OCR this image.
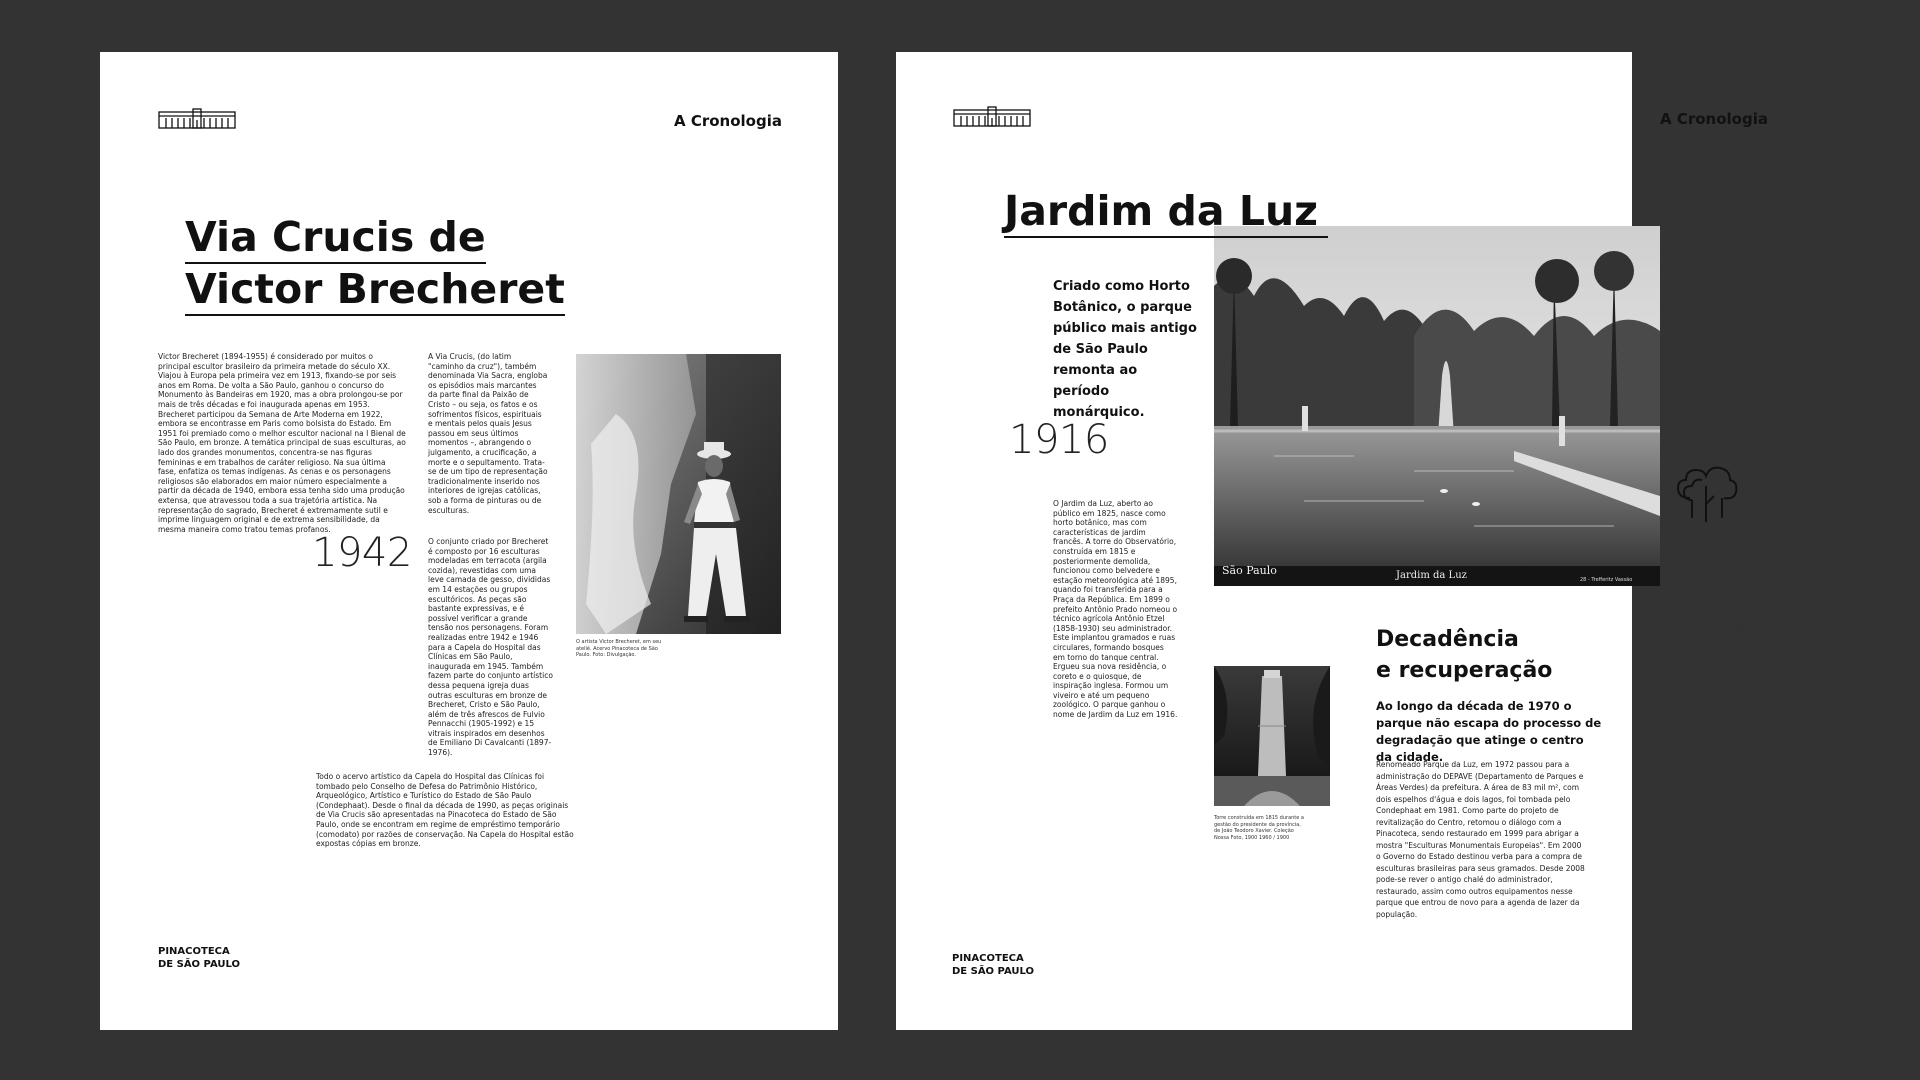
A Cronologia
Via Crucis de
Victor Brecheret

Victor Brecheret (1894-1955) é considerado por muitos o principal escultor brasileiro da primeira metade do século XX. Viajou à Europa pela primeira vez em 1913, fixando-se por seis anos em Roma. De volta a São Paulo, ganhou o concurso do Monumento às Bandeiras em 1920, mas a obra prolongou-se por mais de três décadas e foi inaugurada apenas em 1953. Brecheret participou da Semana de Arte Moderna em 1922, embora se encontrasse em Paris como bolsista do Estado. Em 1951 foi premiado como o melhor escultor nacional na I Bienal de São Paulo, em bronze. A temática principal de suas esculturas, ao lado dos grandes monumentos, concentra-se nas figuras femininas e em trabalhos de caráter religioso. Na sua última fase, enfatiza os temas indígenas. As cenas e os personagens religiosos são elaborados em maior número especialmente a partir da década de 1940, embora essa tenha sido uma produção extensa, que atravessou toda a sua trajetória artística. Na representação do sagrado, Brecheret é extremamente sutil e imprime linguagem original e de extrema sensibilidade, da mesma maneira como tratou temas profanos.

1942

A Via Crucis, (do latim "caminho da cruz"), também denominada Via Sacra, engloba os episódios mais marcantes da parte final da Paixão de Cristo – ou seja, os fatos e os sofrimentos físicos, espirituais e mentais pelos quais Jesus passou em seus últimos momentos –, abrangendo o julgamento, a crucificação, a morte e o sepultamento. Trata-se de um tipo de representação tradicionalmente inserido nos interiores de igrejas católicas, sob a forma de pinturas ou de esculturas.

O conjunto criado por Brecheret é composto por 16 esculturas modeladas em terracota (argila cozida), revestidas com uma leve camada de gesso, divididas em 14 estações ou grupos escultóricos. As peças são bastante expressivas, e é possível verificar a grande tensão nos personagens. Foram realizadas entre 1942 e 1946 para a Capela do Hospital das Clínicas em São Paulo, inaugurada em 1945. Também fazem parte do conjunto artístico dessa pequena igreja duas outras esculturas em bronze de Brecheret, Cristo e São Paulo, além de três afrescos de Fulvio Pennacchi (1905-1992) e 15 vitrais inspirados em desenhos de Emiliano Di Cavalcanti (1897-1976).

Todo o acervo artístico da Capela do Hospital das Clínicas foi tombado pelo Conselho de Defesa do Patrimônio Histórico, Arqueológico, Artístico e Turístico do Estado de São Paulo (Condephaat). Desde o final da década de 1990, as peças originais de Via Crucis são apresentadas na Pinacoteca do Estado de São Paulo, onde se encontram em regime de empréstimo temporário (comodato) por razões de conservação. Na Capela do Hospital estão expostas cópias em bronze.

O artista Victor Brecheret, em seu ateliê. Acervo Pinacoteca de São Paulo. Foto: Divulgação.

PINACOTECA
DE SÃO PAULO
A Cronologia
São Paulo	Jardim da Luz	28 - Trefferitz Vassão
Jardim da Luz

Criado como Horto Botânico, o parque público mais antigo de São Paulo remonta ao período monárquico.

1916

O Jardim da Luz, aberto ao público em 1825, nasce como horto botânico, mas com características de jardim francês. A torre do Observatório, construída em 1815 e posteriormente demolida, funcionou como belvedere e estação meteorológica até 1895, quando foi transferida para a Praça da República. Em 1899 o prefeito Antônio Prado nomeou o técnico agrícola Antônio Etzel (1858-1930) seu administrador. Este implantou gramados e ruas circulares, formando bosques em torno do tanque central. Ergueu sua nova residência, o coreto e o quiosque, de inspiração inglesa. Formou um viveiro e até um pequeno zoológico. O parque ganhou o nome de Jardim da Luz em 1916.

O lindo do Parque dentro da Estação Nossa Sra. da Luz, segundo nosso, registro no Campo de Guarda, conhecido como Campo da Luz. Coleção Nossa Foto, 1900 1960 / 1900

Torre construída em 1815 durante a gestão do presidente da província, de João Teodoro Xavier. Coleção Nossa Foto, 1900 1960 / 1900

Decadência
e recuperação

Ao longo da década de 1970 o parque não escapa do processo de degradação que atinge o centro da cidade.

Renomeado Parque da Luz, em 1972 passou para a administração do DEPAVE (Departamento de Parques e Áreas Verdes) da prefeitura. A área de 83 mil m², com dois espelhos d'água e dois lagos, foi tombada pelo Condephaat em 1981. Como parte do projeto de revitalização do Centro, retomou o diálogo com a Pinacoteca, sendo restaurado em 1999 para abrigar a mostra "Esculturas Monumentais Europeias". Em 2000 o Governo do Estado destinou verba para a compra de esculturas brasileiras para seus gramados. Desde 2008 pode-se rever o antigo chalé do administrador, restaurado, assim como outros equipamentos nesse parque que entrou de novo para a agenda de lazer da população.

PINACOTECA
DE SÃO PAULO
